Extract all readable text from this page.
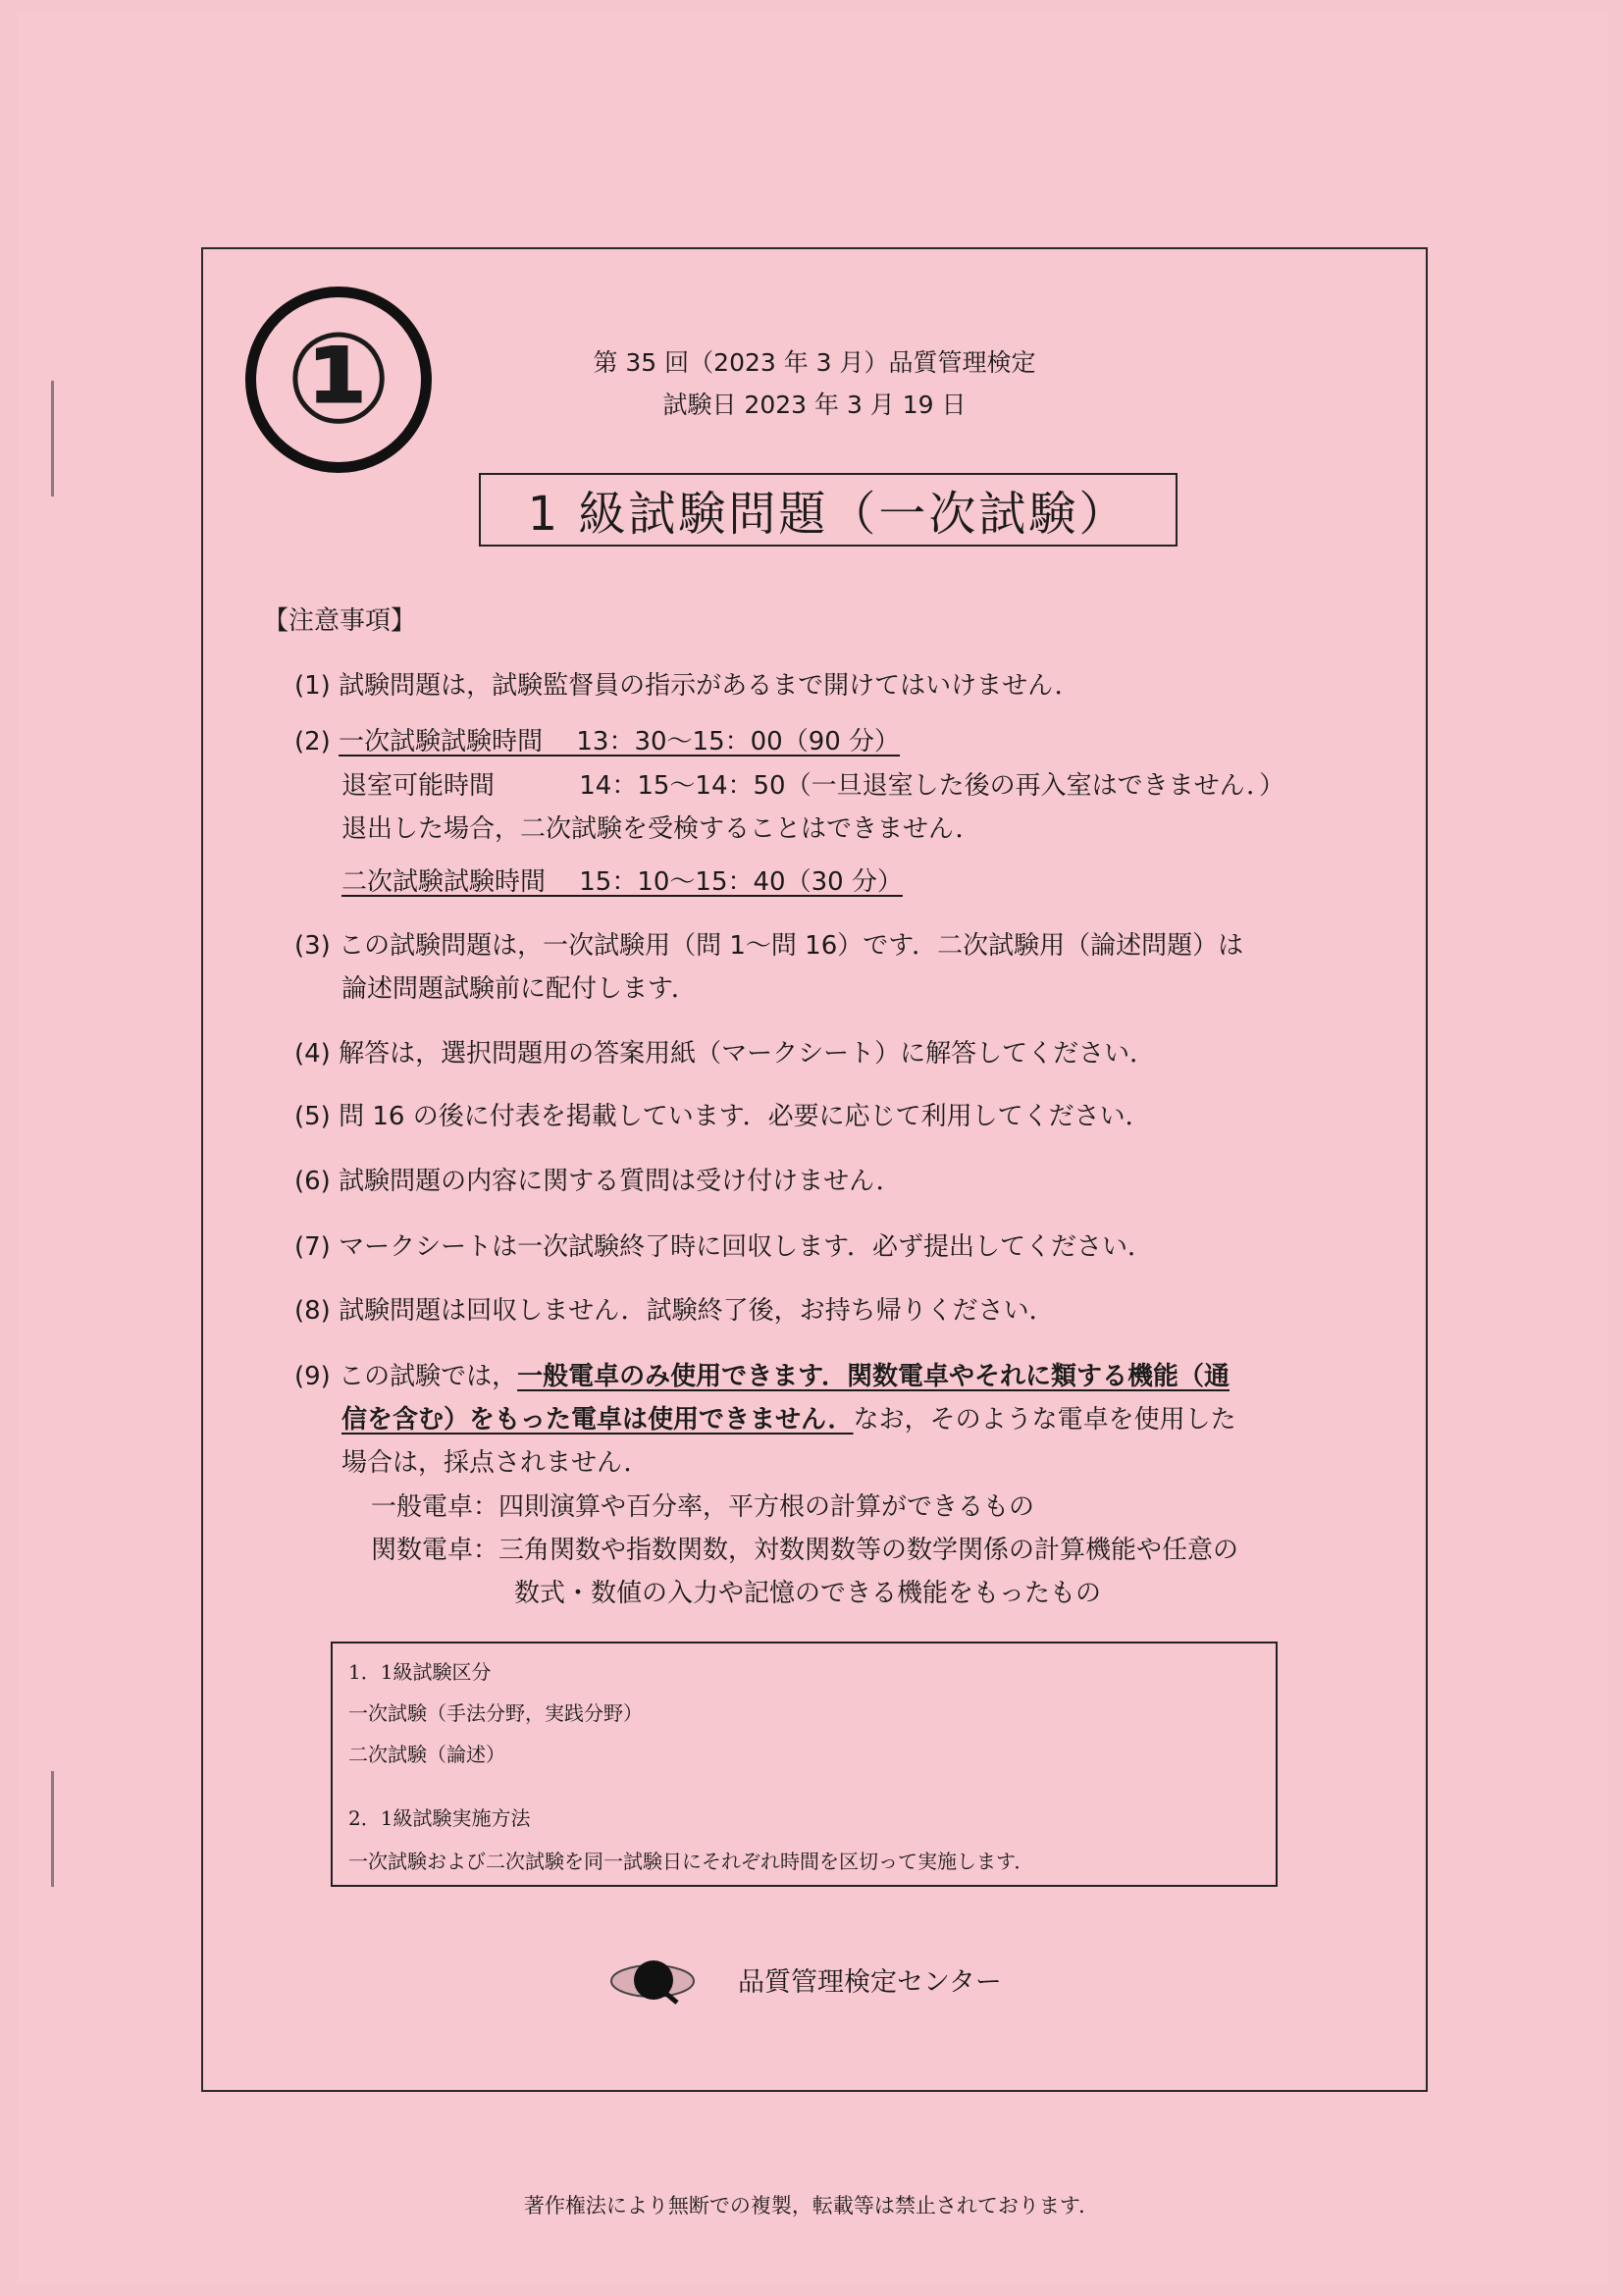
①	第 35 回（2023 年 3 月）品質管理検定
試験日 2023 年 3 月 19 日
1 級試験問題（一次試験）
【注意事項】
(1) 試験問題は，試験監督員の指示があるまで開けてはいけません．
(2) 一次試験試験時間　 13：30～15：00（90 分）
退室可能時間　　　 14：15～14：50（一旦退室した後の再入室はできません．）
退出した場合，二次試験を受検することはできません．
二次試験試験時間　 15：10～15：40（30 分）
(3) この試験問題は，一次試験用（問 1～問 16）です．二次試験用（論述問題）は
論述問題試験前に配付します．
(4) 解答は，選択問題用の答案用紙（マークシート）に解答してください．
(5) 問 16 の後に付表を掲載しています．必要に応じて利用してください．
(6) 試験問題の内容に関する質問は受け付けません．
(7) マークシートは一次試験終了時に回収します．必ず提出してください．
(8) 試験問題は回収しません．試験終了後，お持ち帰りください．
(9) この試験では，一般電卓のみ使用できます．関数電卓やそれに類する機能（通
信を含む）をもった電卓は使用できません．なお，そのような電卓を使用した
場合は，採点されません．
一般電卓：四則演算や百分率，平方根の計算ができるもの
関数電卓：三角関数や指数関数，対数関数等の数学関係の計算機能や任意の
数式・数値の入力や記憶のできる機能をもったもの
1．1級試験区分
一次試験（手法分野，実践分野）
二次試験（論述）
2．1級試験実施方法
一次試験および二次試験を同一試験日にそれぞれ時間を区切って実施します．
品質管理検定センター
著作権法により無断での複製，転載等は禁止されております．
